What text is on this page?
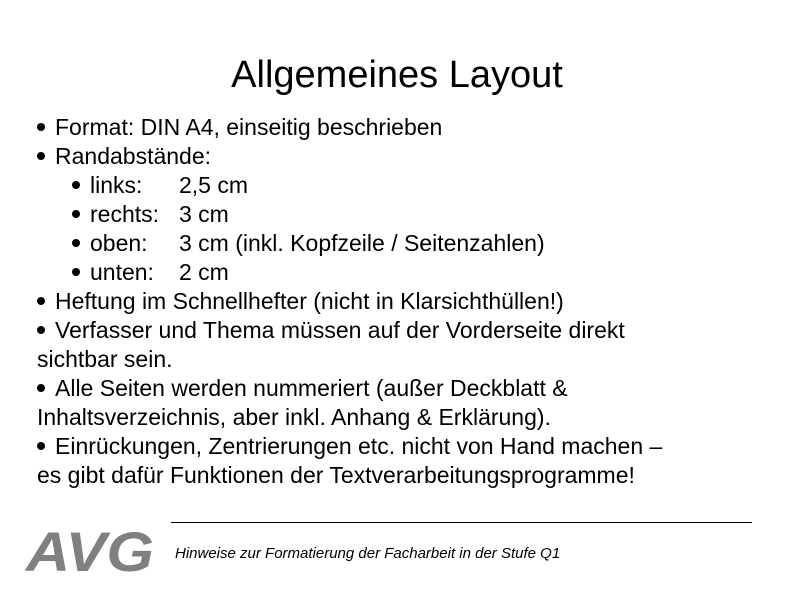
Allgemeines Layout

Format: DIN A4, einseitig beschrieben

Randabstände:

links: 2,5 cm

rechts: 3 cm

oben: 3 cm (inkl. Kopfzeile / Seitenzahlen)

unten: 2 cm

Heftung im Schnellhefter (nicht in Klarsichthüllen!)

Verfasser und Thema müssen auf der Vorderseite direkt
sichtbar sein.

Alle Seiten werden nummeriert (außer Deckblatt &
Inhaltsverzeichnis, aber inkl. Anhang & Erklärung).

Einrückungen, Zentrierungen etc. nicht von Hand machen –
es gibt dafür Funktionen der Textverarbeitungsprogramme!

AVG Hinweise zur Formatierung der Facharbeit in der Stufe Q1
